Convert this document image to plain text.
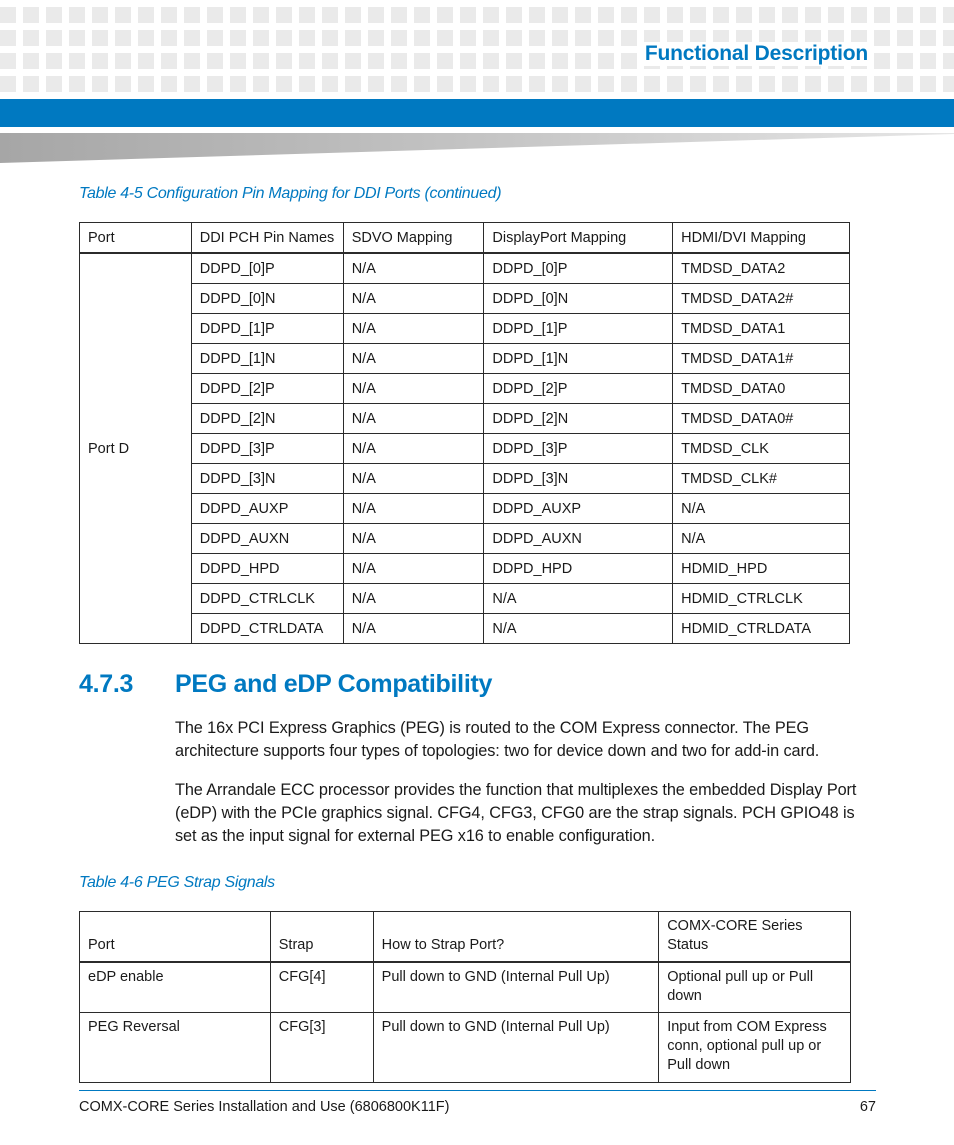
Functional Description
Table 4-5 Configuration Pin Mapping for DDI Ports (continued)
Port	DDI PCH Pin Names	SDVO Mapping	DisplayPort Mapping	HDMI/DVI Mapping
Port D	DDPD_[0]P	N/A	DDPD_[0]P	TMDSD_DATA2
	DDPD_[0]N	N/A	DDPD_[0]N	TMDSD_DATA2#
	DDPD_[1]P	N/A	DDPD_[1]P	TMDSD_DATA1
	DDPD_[1]N	N/A	DDPD_[1]N	TMDSD_DATA1#
	DDPD_[2]P	N/A	DDPD_[2]P	TMDSD_DATA0
	DDPD_[2]N	N/A	DDPD_[2]N	TMDSD_DATA0#
	DDPD_[3]P	N/A	DDPD_[3]P	TMDSD_CLK
	DDPD_[3]N	N/A	DDPD_[3]N	TMDSD_CLK#
	DDPD_AUXP	N/A	DDPD_AUXP	N/A
	DDPD_AUXN	N/A	DDPD_AUXN	N/A
	DDPD_HPD	N/A	DDPD_HPD	HDMID_HPD
	DDPD_CTRLCLK	N/A	N/A	HDMID_CTRLCLK
	DDPD_CTRLDATA	N/A	N/A	HDMID_CTRLDATA
4.7.3 PEG and eDP Compatibility
The 16x PCI Express Graphics (PEG) is routed to the COM Express connector. The PEG architecture supports four types of topologies: two for device down and two for add-in card.
The Arrandale ECC processor provides the function that multiplexes the embedded Display Port (eDP) with the PCIe graphics signal. CFG4, CFG3, CFG0 are the strap signals. PCH GPIO48 is set as the input signal for external PEG x16 to enable configuration.
Table 4-6 PEG Strap Signals
Port	Strap	How to Strap Port?	COMX-CORE Series Status
eDP enable	CFG[4]	Pull down to GND (Internal Pull Up)	Optional pull up or Pull down
PEG Reversal	CFG[3]	Pull down to GND (Internal Pull Up)	Input from COM Express conn, optional pull up or Pull down
COMX-CORE Series Installation and Use (6806800K11F)	67
